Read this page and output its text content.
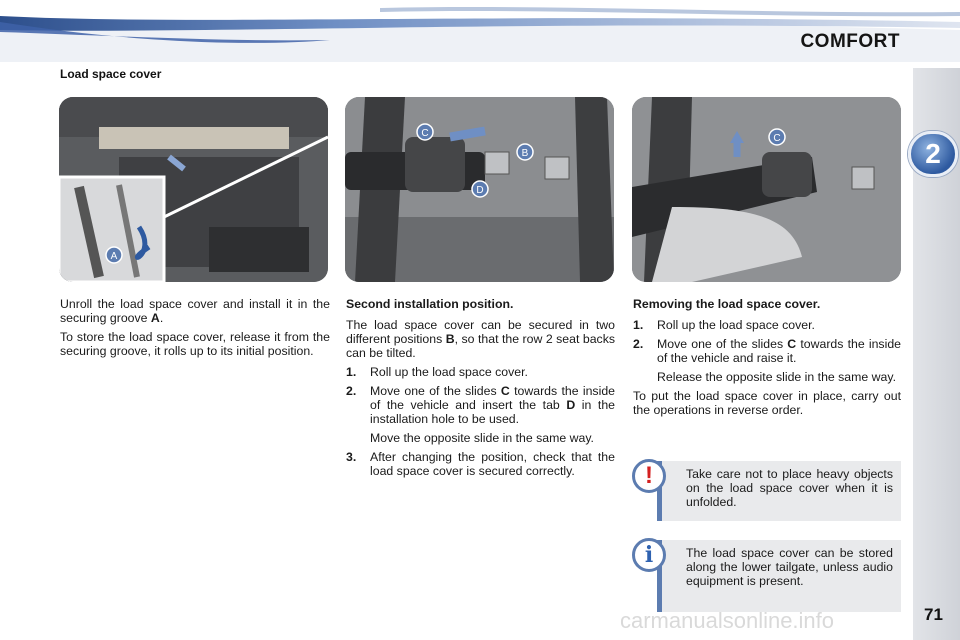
COMFORT
2
Load space cover
A
C
B
D
C

Unroll the load space cover and install it in the securing groove A.

To store the load space cover, release it from the securing groove, it rolls up to its initial position.

Second installation position.

The load space cover can be secured in two different positions B, so that the row 2 seat backs can be tilted.

1.	Roll up the load space cover.
2.	Move one of the slides C towards the inside of the vehicle and insert the tab D in the installation hole to be used.

Move the opposite slide in the same way.

3.	After changing the position, check that the load space cover is secured correctly.
Removing the load space cover.
1.	Roll up the load space cover.
2.	Move one of the slides C towards the inside of the vehicle and raise it.

Release the opposite slide in the same way.

To put the load space cover in place, carry out the operations in reverse order.

Take care not to place heavy objects on the load space cover when it is unfolded.
!
The load space cover can be stored along the lower tailgate, unless audio equipment is present.
i
carmanualsonline.info	71
